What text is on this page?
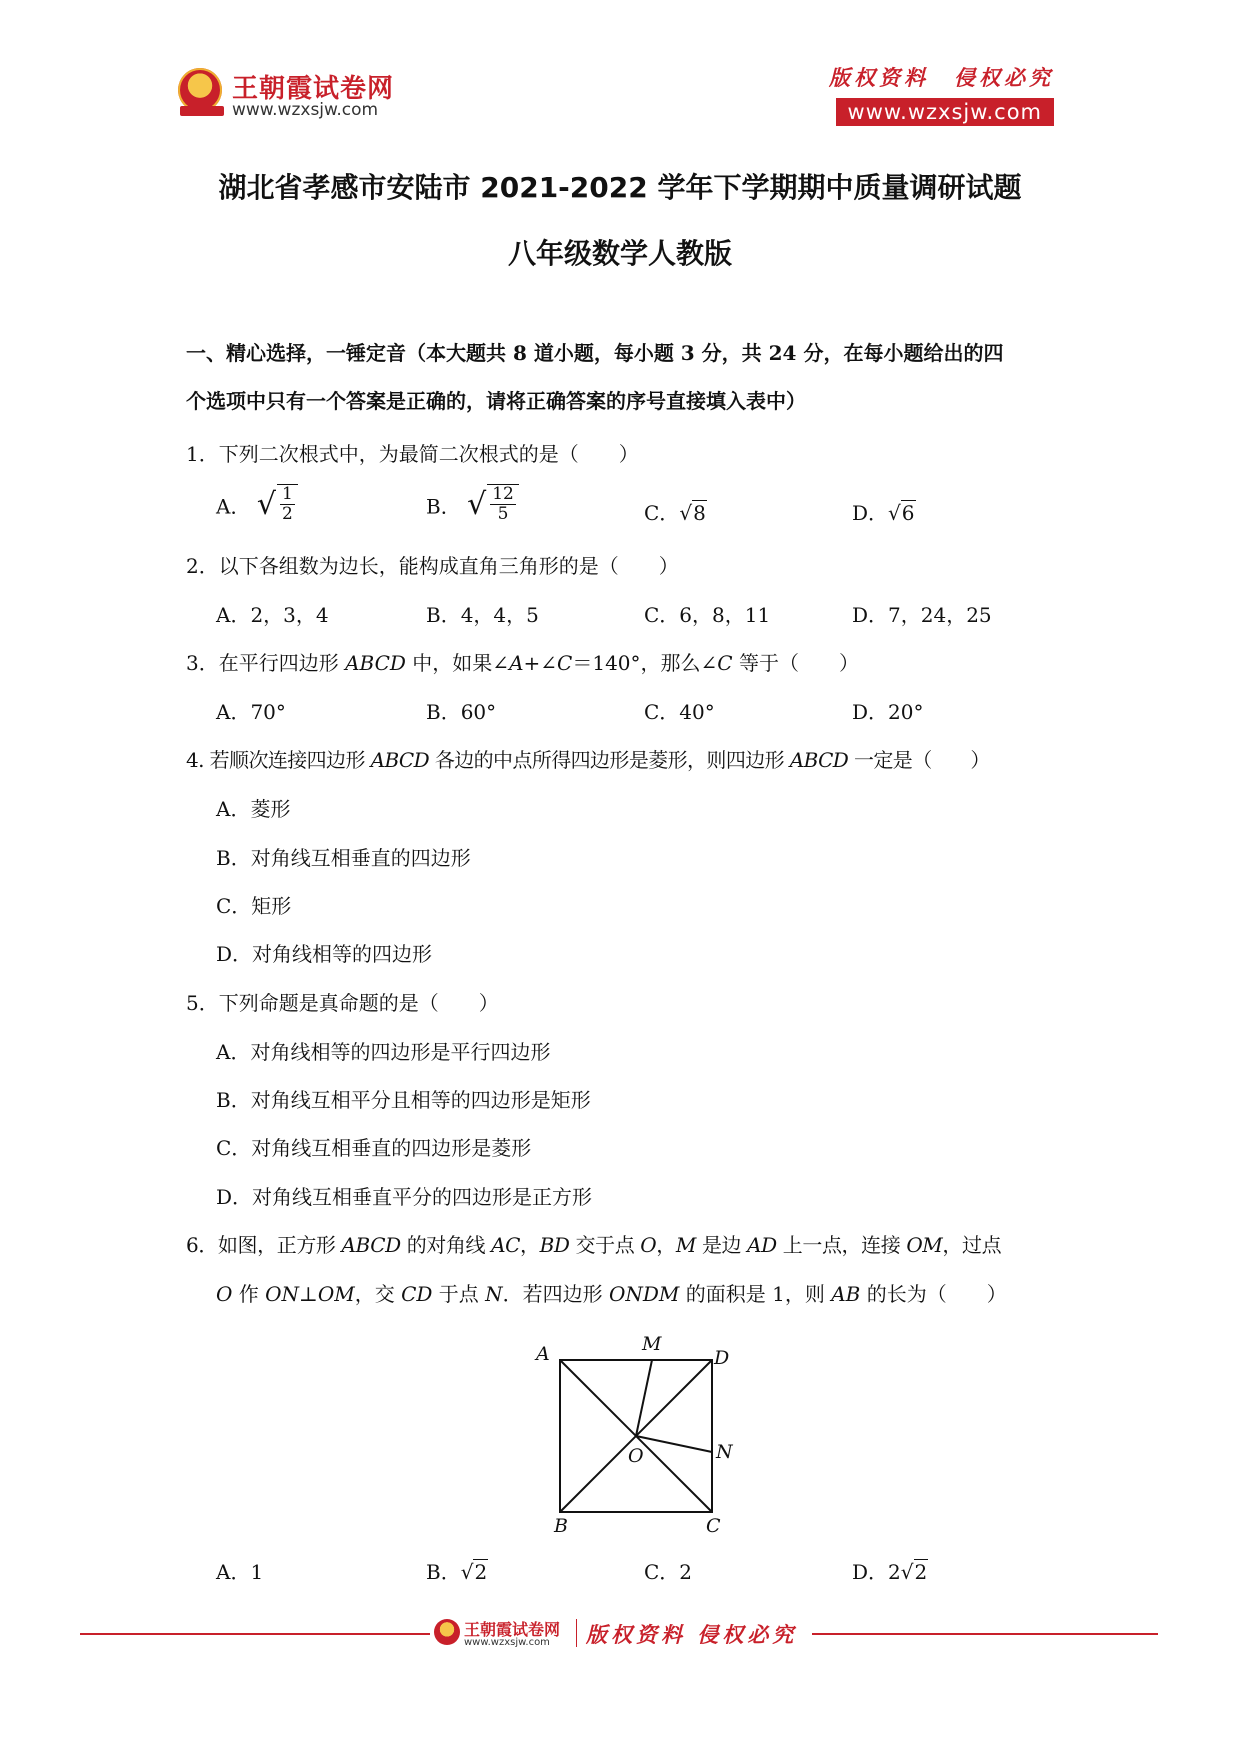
王朝霞试卷网
www.wzxsjw.com
版权资料　侵权必究
www.wzxsjw.com
湖北省孝感市安陆市 2021-2022 学年下学期期中质量调研试题
八年级数学人教版
一、精心选择，一锤定音（本大题共 8 道小题，每小题 3 分，共 24 分，在每小题给出的四
个选项中只有一个答案是正确的，请将正确答案的序号直接填入表中）
1．下列二次根式中，为最简二次根式的是（　　）
A． √ $\frac{1}{2}$	B． √ $\frac{12}{5}$	C．√8	D．√6
2．以下各组数为边长，能构成直角三角形的是（　　）
A．2，3，4	B．4，4，5	C．6，8，11	D．7，24，25
3．在平行四边形 ABCD 中，如果∠A+∠C＝140°，那么∠C 等于（　　）
A．70°	B．60°	C．40°	D．20°
4. 若顺次连接四边形 ABCD 各边的中点所得四边形是菱形，则四边形 ABCD 一定是（　　）
A．菱形
B．对角线互相垂直的四边形
C．矩形
D．对角线相等的四边形
5．下列命题是真命题的是（　　）
A．对角线相等的四边形是平行四边形
B．对角线互相平分且相等的四边形是矩形
C．对角线互相垂直的四边形是菱形
D．对角线互相垂直平分的四边形是正方形
6．如图，正方形 ABCD 的对角线 AC，BD 交于点 O，M 是边 AD 上一点，连接 OM，过点
O 作 ON⊥OM，交 CD 于点 N．若四边形 ONDM 的面积是 1，则 AB 的长为（　　）
A	M
D
N
O
B	C
A．1	B．√2	C．2	D．2√2
王朝霞试卷网
www.wzxsjw.com 版权资料 侵权必究
